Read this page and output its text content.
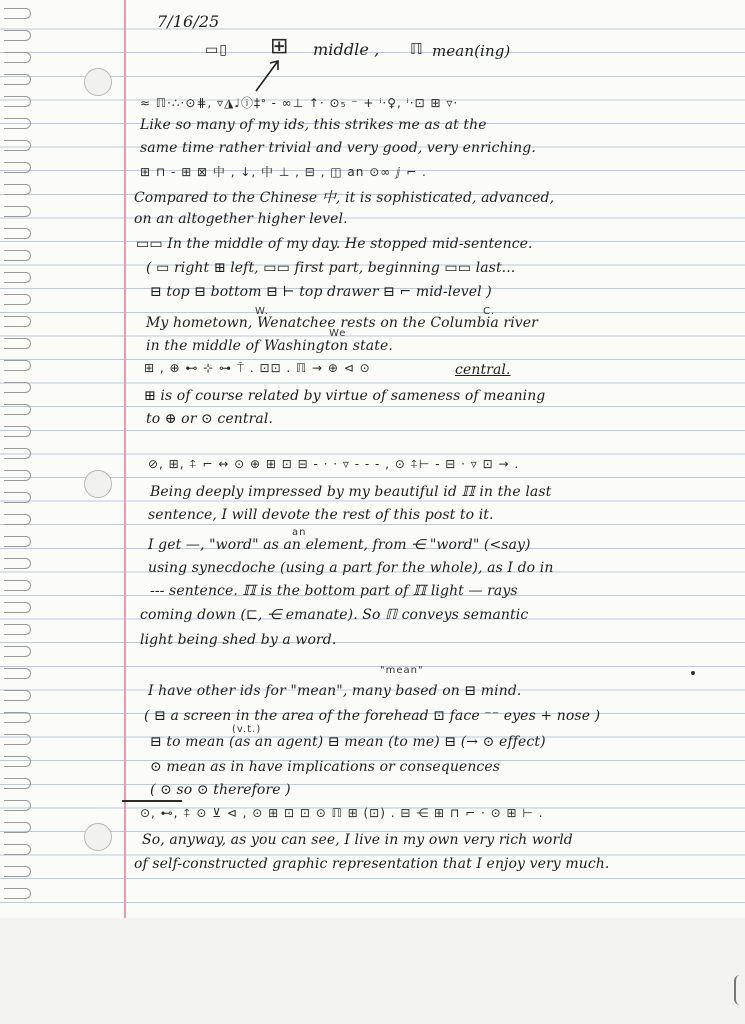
7/16/25
▭▯ ⊞ middle , ℿ mean(ing)
≈ ℿ·∴·⊙⋕, ▿◮♩ⓘ‡ᐤ - ∞⊥ ↑· ⊙₅ ⁻ + ⁱ·♀, ⁱ·⊡ ⊞ ▿·
Like so many of my ids, this strikes me as at the
same time rather trivial and very good, very enriching.
⊞ ⊓ - ⊞ ⊠ 中 , ↓, 中 ⊥ , ⊟ , ◫ an ⊙∞ ⅉ ⌐ .
Compared to the Chinese 中, it is sophisticated, advanced,
on an altogether higher level.
▭▭ In the middle of my day. He stopped mid-sentence.
( ▭ right ⊞ left, ▭▭ first part, beginning ▭▭ last...
⊟ top ⊟ bottom ⊟ ⊢ top drawer ⊟ ⌐ mid-level )
W.	C.
My hometown, Wenatchee rests on the Columbia river
We
in the middle of Washington state.
⊞ , ⊕ ⊷ ⊹ ⊶ ⍑ . ⊡⊡ . ℿ → ⊕ ⊲ ⊙	central.
⊞ is of course related by virtue of sameness of meaning
to ⊕ or ⊙ central.
⊘, ⊞, ⍏ ⌐ ↔ ⊙ ⊕ ⊞ ⊡ ⊟ - · · ▿ - - - , ⊙ ⍏⊢ - ⊟ · ▿ ⊡ → .
Being deeply impressed by my beautiful id ℿ in the last
sentence, I will devote the rest of this post to it.
an
I get —, "word" as an element, from ⋲ "word" (<say)
using synecdoche (using a part for the whole), as I do in
--- sentence. ℿ is the bottom part of ℿ light — rays
coming down (⊏, ⋲ emanate). So ℿ conveys semantic
light being shed by a word.
"mean"
I have other ids for "mean", many based on ⊟ mind.
( ⊟ a screen in the area of the forehead ⊡ face ⁻⁻ eyes + nose )
(v.t.)
⊟ to mean (as an agent) ⊟ mean (to me) ⊟ (→ ⊙ effect)
⊙ mean as in have implications or consequences
( ⊙ so ⊙ therefore )
⊙, ⊷, ⍏ ⊙ ⊻ ⊲ , ⊙ ⊞ ⊡ ⊡ ⊙ ℿ ⊞ (⊡) . ⊟ ⋲ ⊞ ⊓ ⌐ · ⊙ ⊞ ⊢ .
So, anyway, as you can see, I live in my own very rich world
of self-constructed graphic representation that I enjoy very much.
